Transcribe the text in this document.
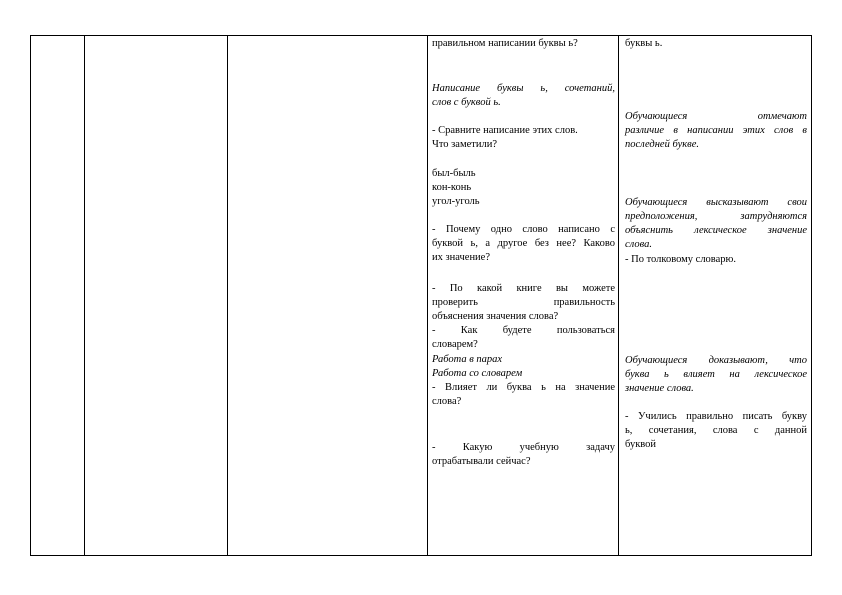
правильном написании буквы ь?

Написание буквы ь, сочетаний,

слов с буквой ь.

- Сравните написание этих слов.

Что заметили?

был-быль

кон-конь

угол-уголь

- Почему одно слово написано с

буквой ь, а другое без нее? Каково

их значение?

- По какой книге вы можете

проверить правильность

объяснения значения слова?

- Как будете пользоваться

словарем?

Работа в парах

Работа со словарем

- Влияет ли буква ь на значение

слова?

- Какую учебную задачу

отрабатывали сейчас?

буквы ь.

Обучающиеся отмечают

различие в написании этих слов в

последней букве.

Обучающиеся высказывают свои

предположения, затрудняются

объяснить лексическое значение

слова.

- По толковому словарю.

Обучающиеся доказывают, что

буква ь влияет на лексическое

значение слова.

- Учились правильно писать букву

ь, сочетания, слова с данной

буквой
